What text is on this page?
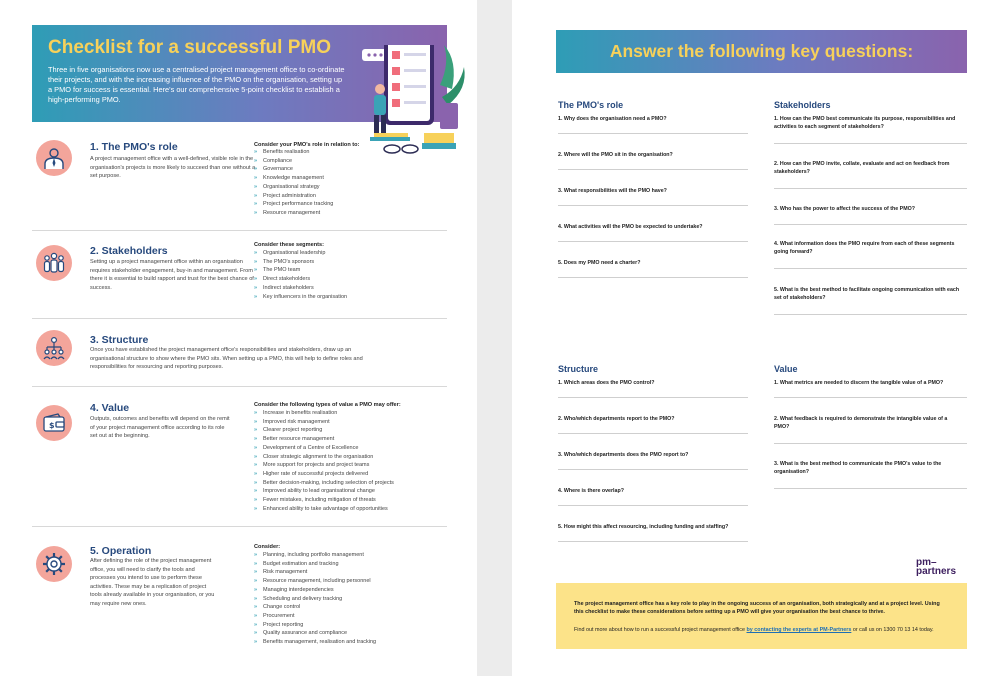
Checklist for a successful PMO

Three in five organisations now use a centralised project management office to co-ordinate their projects, and with the increasing influence of the PMO on the organisation, setting up a PMO for success is essential. Here's our comprehensive 5-point checklist to establish a high-performing PMO.

1. The PMO's role
A project management office with a well-defined, visible role in the organisation's projects is more likely to succeed than one without a set purpose.
Consider your PMO's role in relation to:
» Benefits realisation
» Compliance
» Governance
» Knowledge management
» Organisational strategy
» Project administration
» Project performance tracking
» Resource management
2. Stakeholders
Setting up a project management office within an organisation requires stakeholder engagement, buy-in and management. From there it is essential to build rapport and trust for the best chance of success.
Consider these segments:
» Organisational leadership
» The PMO's sponsors
» The PMO team
» Direct stakeholders
» Indirect stakeholders
» Key influencers in the organisation
3. Structure
Once you have established the project management office's responsibilities and stakeholders, draw up an organisational structure to show where the PMO sits. When setting up a PMO, this will help to define roles and responsibilities for resourcing and reporting purposes.
$
4. Value
Outputs, outcomes and benefits will depend on the remit of your project management office according to its role set out at the beginning.
Consider the following types of value a PMO may offer:
» Increase in benefits realisation
» Improved risk management
» Clearer project reporting
» Better resource management
» Development of a Centre of Excellence
» Closer strategic alignment to the organisation
» More support for projects and project teams
» Higher rate of successful projects delivered
» Better decision-making, including selection of projects
» Improved ability to lead organisational change
» Fewer mistakes, including mitigation of threats
» Enhanced ability to take advantage of opportunities
5. Operation
After defining the role of the project management office, you will need to clarify the tools and processes you intend to use to perform these activities. These may be a replication of project tools already available in your organisation, or you may require new ones.
Consider:
» Planning, including portfolio management
» Budget estimation and tracking
» Risk management
» Resource management, including personnel
» Managing interdependencies
» Scheduling and delivery tracking
» Change control
» Procurement
» Project reporting
» Quality assurance and compliance
» Benefits management, realisation and tracking
Answer the following key questions:
The PMO's role
1. Why does the organisation need a PMO?
2. Where will the PMO sit in the organisation?
3. What responsibilities will the PMO have?
4. What activities will the PMO be expected to undertake?
5. Does my PMO need a charter?
Stakeholders
1. How can the PMO best communicate its purpose, responsibilities and activities to each segment of stakeholders?
2. How can the PMO invite, collate, evaluate and act on feedback from stakeholders?
3. Who has the power to affect the success of the PMO?
4. What information does the PMO require from each of these segments going forward?
5. What is the best method to facilitate ongoing communication with each set of stakeholders?
Structure
1. Which areas does the PMO control?
2. Who/which departments report to the PMO?
3. Who/which departments does the PMO report to?
4. Where is there overlap?
5. How might this affect resourcing, including funding and staffing?
Value
1. What metrics are needed to discern the tangible value of a PMO?
2. What feedback is required to demonstrate the intangible value of a PMO?
3. What is the best method to communicate the PMO's value to the organisation?
pm–
partners
The project management office has a key role to play in the ongoing success of an organisation, both strategically and at a project level. Using this checklist to make these considerations before setting up a PMO will give your organisation the best chance to thrive.
Find out more about how to run a successful project management office by contacting the experts at PM-Partners or call us on 1300 70 13 14 today.
